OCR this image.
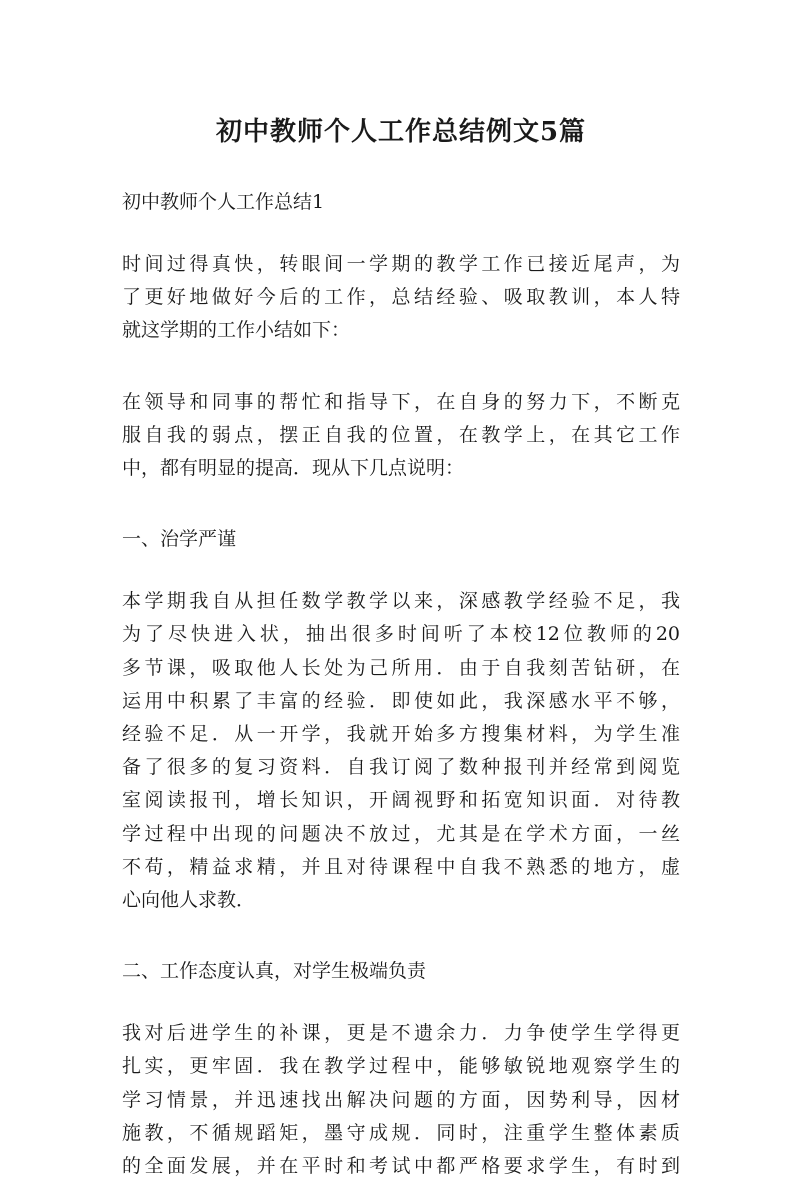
初中教师个人工作总结例文5篇
初中教师个人工作总结1
时间过得真快，转眼间一学期的教学工作已接近尾声，为
了更好地做好今后的工作，总结经验、吸取教训，本人特
就这学期的工作小结如下：
在领导和同事的帮忙和指导下，在自身的努力下，不断克
服自我的弱点，摆正自我的位置，在教学上，在其它工作
中，都有明显的提高．现从下几点说明：
一、治学严谨
本学期我自从担任数学教学以来，深感教学经验不足，我
为了尽快进入状，抽出很多时间听了本校12位教师的20
多节课，吸取他人长处为己所用．由于自我刻苦钻研，在
运用中积累了丰富的经验．即使如此，我深感水平不够，
经验不足．从一开学，我就开始多方搜集材料，为学生准
备了很多的复习资料．自我订阅了数种报刊并经常到阅览
室阅读报刊，增长知识，开阔视野和拓宽知识面．对待教
学过程中出现的问题决不放过，尤其是在学术方面，一丝
不苟，精益求精，并且对待课程中自我不熟悉的地方，虚
心向他人求教．
二、工作态度认真，对学生极端负责
我对后进学生的补课，更是不遗余力．力争使学生学得更
扎实，更牢固．我在教学过程中，能够敏锐地观察学生的
学习情景，并迅速找出解决问题的方面，因势利导，因材
施教，不循规蹈矩，墨守成规．同时，注重学生整体素质
的全面发展，并在平时和考试中都严格要求学生，有时到
